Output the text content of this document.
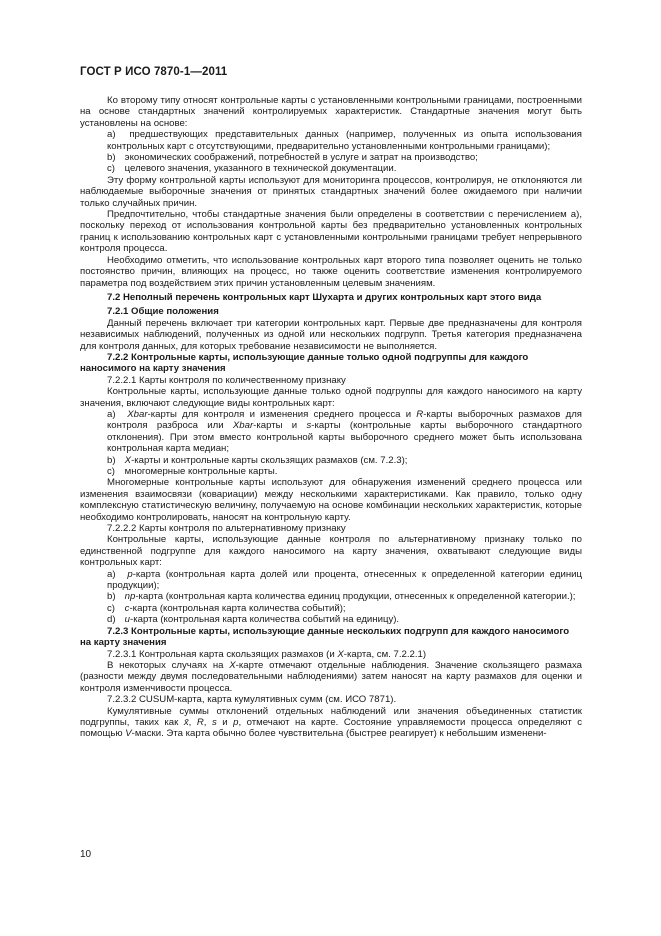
ГОСТ Р ИСО 7870-1—2011

Ко второму типу относят контрольные карты с установленными контрольными границами, построенными на основе стандартных значений контролируемых характеристик. Стандартные значения могут быть установлены на основе:

а) предшествующих представительных данных (например, полученных из опыта использования контрольных карт с отсутствующими, предварительно установленными контрольными границами);

b) экономических соображений, потребностей в услуге и затрат на производство;

c) целевого значения, указанного в технической документации.

Эту форму контрольной карты используют для мониторинга процессов, контролируя, не отклоняются ли наблюдаемые выборочные значения от принятых стандартных значений более ожидаемого при наличии только случайных причин.

Предпочтительно, чтобы стандартные значения были определены в соответствии с перечислением а), поскольку переход от использования контрольной карты без предварительно установленных контрольных границ к использованию контрольных карт с установленными контрольными границами требует непрерывного контроля процесса.

Необходимо отметить, что использование контрольных карт второго типа позволяет оценить не только постоянство причин, влияющих на процесс, но также оценить соответствие изменения контролируемого параметра под воздействием этих причин установленным целевым значениям.

7.2 Неполный перечень контрольных карт Шухарта и других контрольных карт этого вида

7.2.1 Общие положения

Данный перечень включает три категории контрольных карт. Первые две предназначены для контроля независимых наблюдений, полученных из одной или нескольких подгрупп. Третья категория предназначена для контроля данных, для которых требование независимости не выполняется.

7.2.2 Контрольные карты, использующие данные только одной подгруппы для каждого наносимого на карту значения

7.2.2.1 Карты контроля по количественному признаку

Контрольные карты, использующие данные только одной подгруппы для каждого наносимого на карту значения, включают следующие виды контрольных карт:

а) Xbar-карты для контроля и изменения среднего процесса и R-карты выборочных размахов для контроля разброса или Xbar-карты и s-карты (контрольные карты выборочного стандартного отклонения). При этом вместо контрольной карты выборочного среднего может быть использована контрольная карта медиан;

b) X-карты и контрольные карты скользящих размахов (см. 7.2.3);

c) многомерные контрольные карты.

Многомерные контрольные карты используют для обнаружения изменений среднего процесса или изменения взаимосвязи (ковариации) между несколькими характеристиками. Как правило, только одну комплексную статистическую величину, получаемую на основе комбинации нескольких характеристик, которые необходимо контролировать, наносят на контрольную карту.

7.2.2.2 Карты контроля по альтернативному признаку

Контрольные карты, использующие данные контроля по альтернативному признаку только по единственной подгруппе для каждого наносимого на карту значения, охватывают следующие виды контрольных карт:

а) p-карта (контрольная карта долей или процента, отнесенных к определенной категории единиц продукции);

b) np-карта (контрольная карта количества единиц продукции, отнесенных к определенной категории.);

c) c-карта (контрольная карта количества событий);

d) u-карта (контрольная карта количества событий на единицу).

7.2.3 Контрольные карты, использующие данные нескольких подгрупп для каждого наносимого на карту значения

7.2.3.1 Контрольная карта скользящих размахов (и X-карта, см. 7.2.2.1)

В некоторых случаях на X-карте отмечают отдельные наблюдения. Значение скользящего размаха (разности между двумя последовательными наблюдениями) затем наносят на карту размахов для оценки и контроля изменчивости процесса.

7.2.3.2 CUSUM-карта, карта кумулятивных сумм (см. ИСО 7871).

Кумулятивные суммы отклонений отдельных наблюдений или значения объединенных статистик подгруппы, таких как x̄, R, s и p, отмечают на карте. Состояние управляемости процесса определяют с помощью V-маски. Эта карта обычно более чувствительна (быстрее реагирует) к небольшим изменени-

10
